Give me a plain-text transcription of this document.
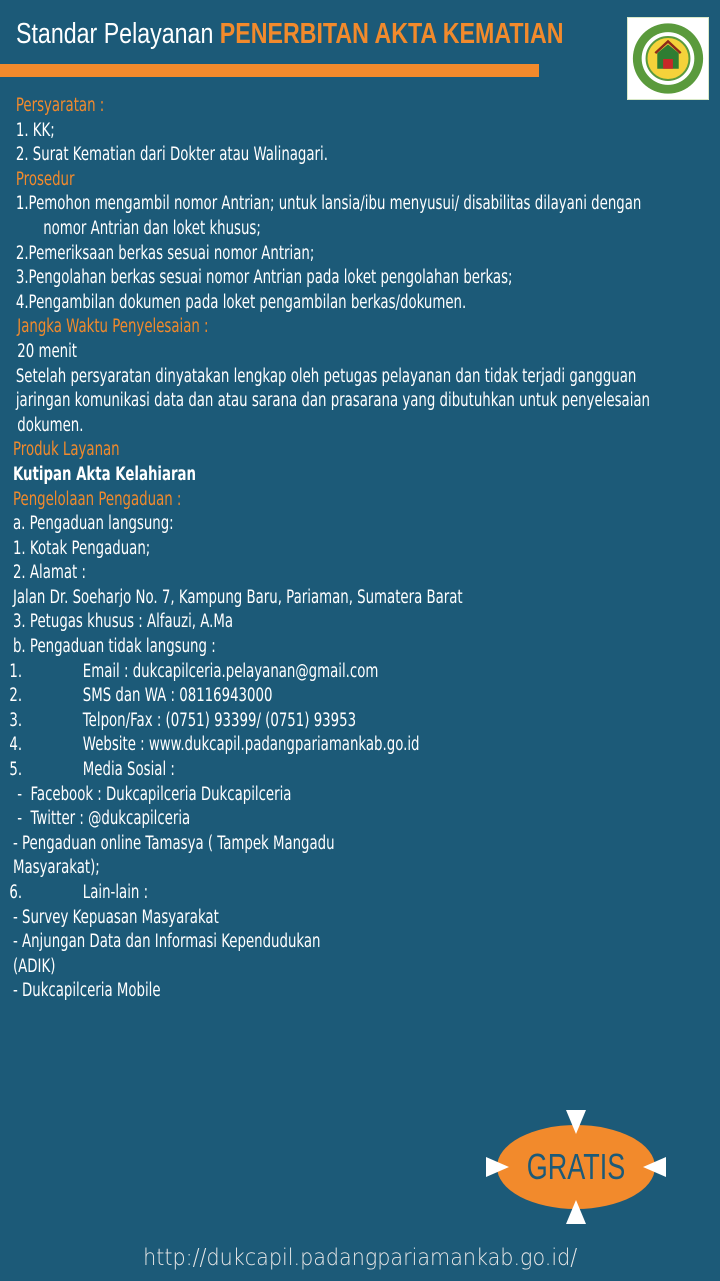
Standar Pelayanan PENERBITAN AKTA KEMATIAN
Persyaratan :
1. KK;
2. Surat Kematian dari Dokter atau Walinagari.
Prosedur
1.Pemohon mengambil nomor Antrian; untuk lansia/ibu menyusui/ disabilitas dilayani dengan
nomor Antrian dan loket khusus;
2.Pemeriksaan berkas sesuai nomor Antrian;
3.Pengolahan berkas sesuai nomor Antrian pada loket pengolahan berkas;
4.Pengambilan dokumen pada loket pengambilan berkas/dokumen.
Jangka Waktu Penyelesaian :
20 menit
Setelah persyaratan dinyatakan lengkap oleh petugas pelayanan dan tidak terjadi gangguan
jaringan komunikasi data dan atau sarana dan prasarana yang dibutuhkan untuk penyelesaian
dokumen.
Produk Layanan
Kutipan Akta Kelahiaran
Pengelolaan Pengaduan :
a. Pengaduan langsung:
1. Kotak Pengaduan;
2. Alamat :
Jalan Dr. Soeharjo No. 7, Kampung Baru, Pariaman, Sumatera Barat
3. Petugas khusus : Alfauzi, A.Ma
b. Pengaduan tidak langsung :
1.	Email : dukcapilceria.pelayanan@gmail.com
2.	SMS dan WA : 08116943000
3.	Telpon/Fax : (0751) 93399/ (0751) 93953
4.	Website : www.dukcapil.padangpariamankab.go.id
5.	Media Sosial :
-  Facebook : Dukcapilceria Dukcapilceria
-  Twitter : @dukcapilceria
- Pengaduan online Tamasya ( Tampek Mangadu
Masyarakat);
6.	Lain-lain :
- Survey Kepuasan Masyarakat
- Anjungan Data dan Informasi Kependudukan
(ADIK)
- Dukcapilceria Mobile
GRATIS
http://dukcapil.padangpariamankab.go.id/
